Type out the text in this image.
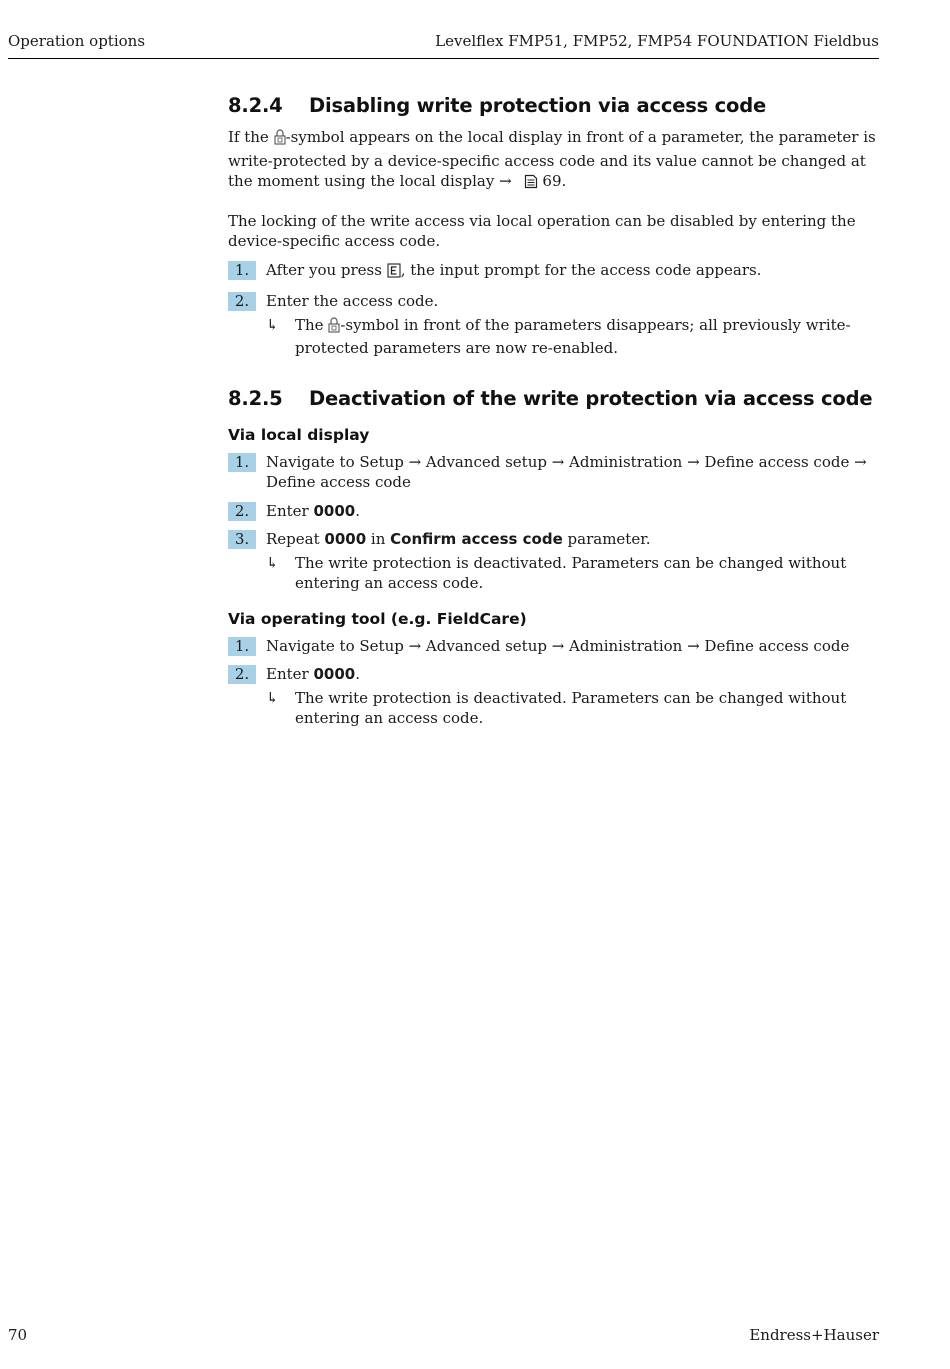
Operation options	Levelflex FMP51, FMP52, FMP54 FOUNDATION Fieldbus
8.2.4 Disabling write protection via access code

If the -symbol appears on the local display in front of a parameter, the parameter is write-protected by a device-specific access code and its value cannot be changed at the moment using the local display → 69.

The locking of the write access via local operation can be disabled by entering the device-specific access code.

1.	After you press , the input prompt for the access code appears.
2.	Enter the access code.
↳ The -symbol in front of the parameters disappears; all previously write-protected parameters are now re-enabled.
8.2.5 Deactivation of the write protection via access code
Via local display
1.	Navigate to Setup → Advanced setup → Administration → Define access code → Define access code
2.	Enter 0000.
3.	Repeat 0000 in Confirm access code parameter.
↳ The write protection is deactivated. Parameters can be changed without entering an access code.
Via operating tool (e.g. FieldCare)
1.	Navigate to Setup → Advanced setup → Administration → Define access code
2.	Enter 0000.
↳ The write protection is deactivated. Parameters can be changed without entering an access code.
70	Endress+Hauser
